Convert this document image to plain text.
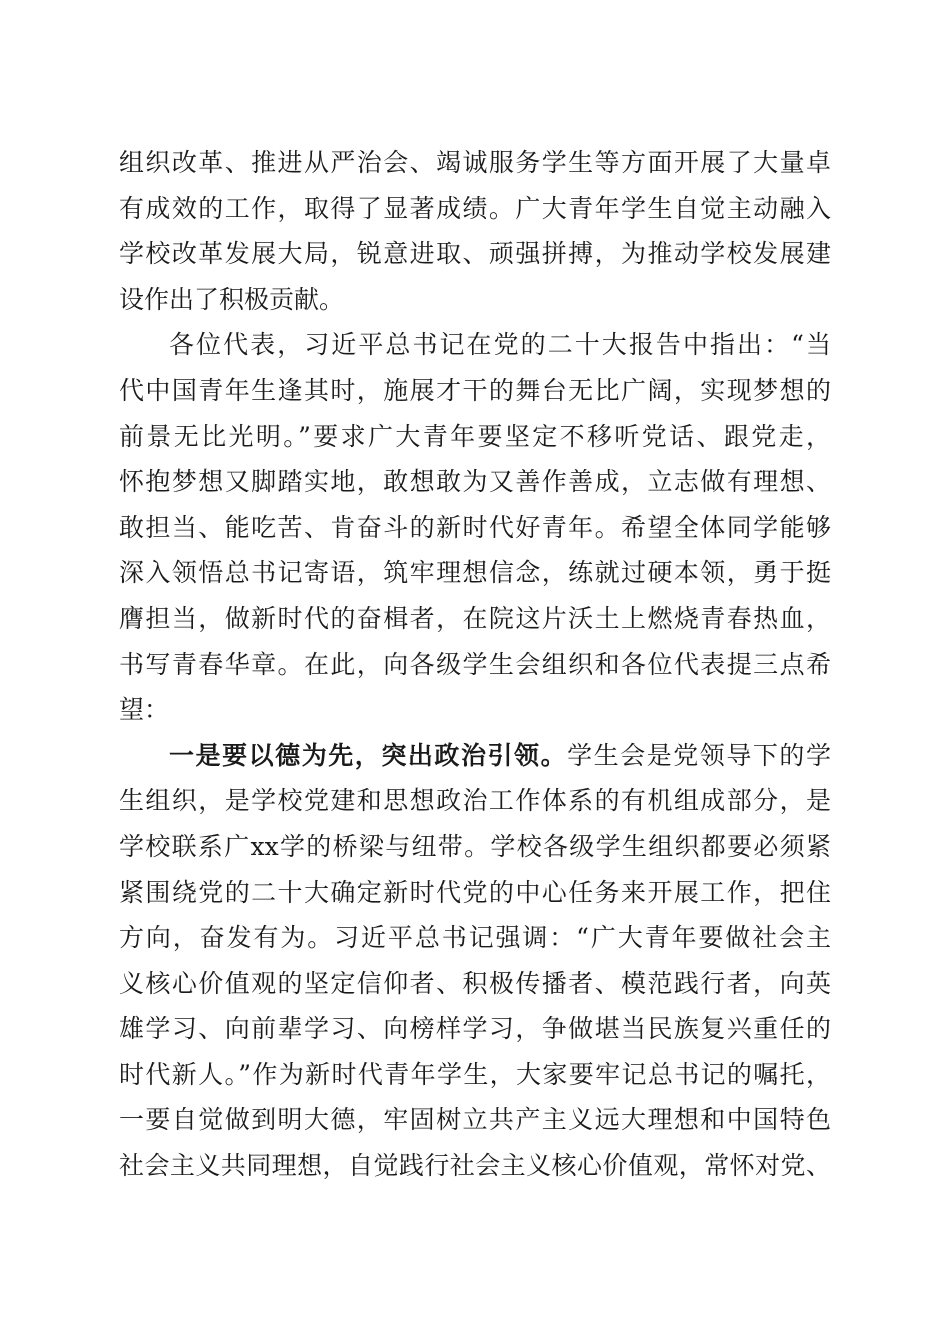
组织改革、推进从严治会、竭诚服务学生等方面开展了大量卓
有成效的工作，取得了显著成绩。广大青年学生自觉主动融入
学校改革发展大局，锐意进取、顽强拼搏，为推动学校发展建
设作出了积极贡献。
各位代表，习近平总书记在党的二十大报告中指出：“当
代中国青年生逢其时，施展才干的舞台无比广阔，实现梦想的
前景无比光明。”要求广大青年要坚定不移听党话、跟党走，
怀抱梦想又脚踏实地，敢想敢为又善作善成，立志做有理想、
敢担当、能吃苦、肯奋斗的新时代好青年。希望全体同学能够
深入领悟总书记寄语，筑牢理想信念，练就过硬本领，勇于挺
膺担当，做新时代的奋楫者，在院这片沃土上燃烧青春热血，
书写青春华章。在此，向各级学生会组织和各位代表提三点希
望：
一是要以德为先，突出政治引领。学生会是党领导下的学
生组织，是学校党建和思想政治工作体系的有机组成部分，是
学校联系广xx学的桥梁与纽带。学校各级学生组织都要必须紧
紧围绕党的二十大确定新时代党的中心任务来开展工作，把住
方向，奋发有为。习近平总书记强调：“广大青年要做社会主
义核心价值观的坚定信仰者、积极传播者、模范践行者，向英
雄学习、向前辈学习、向榜样学习，争做堪当民族复兴重任的
时代新人。”作为新时代青年学生，大家要牢记总书记的嘱托，
一要自觉做到明大德，牢固树立共产主义远大理想和中国特色
社会主义共同理想，自觉践行社会主义核心价值观，常怀对党、
